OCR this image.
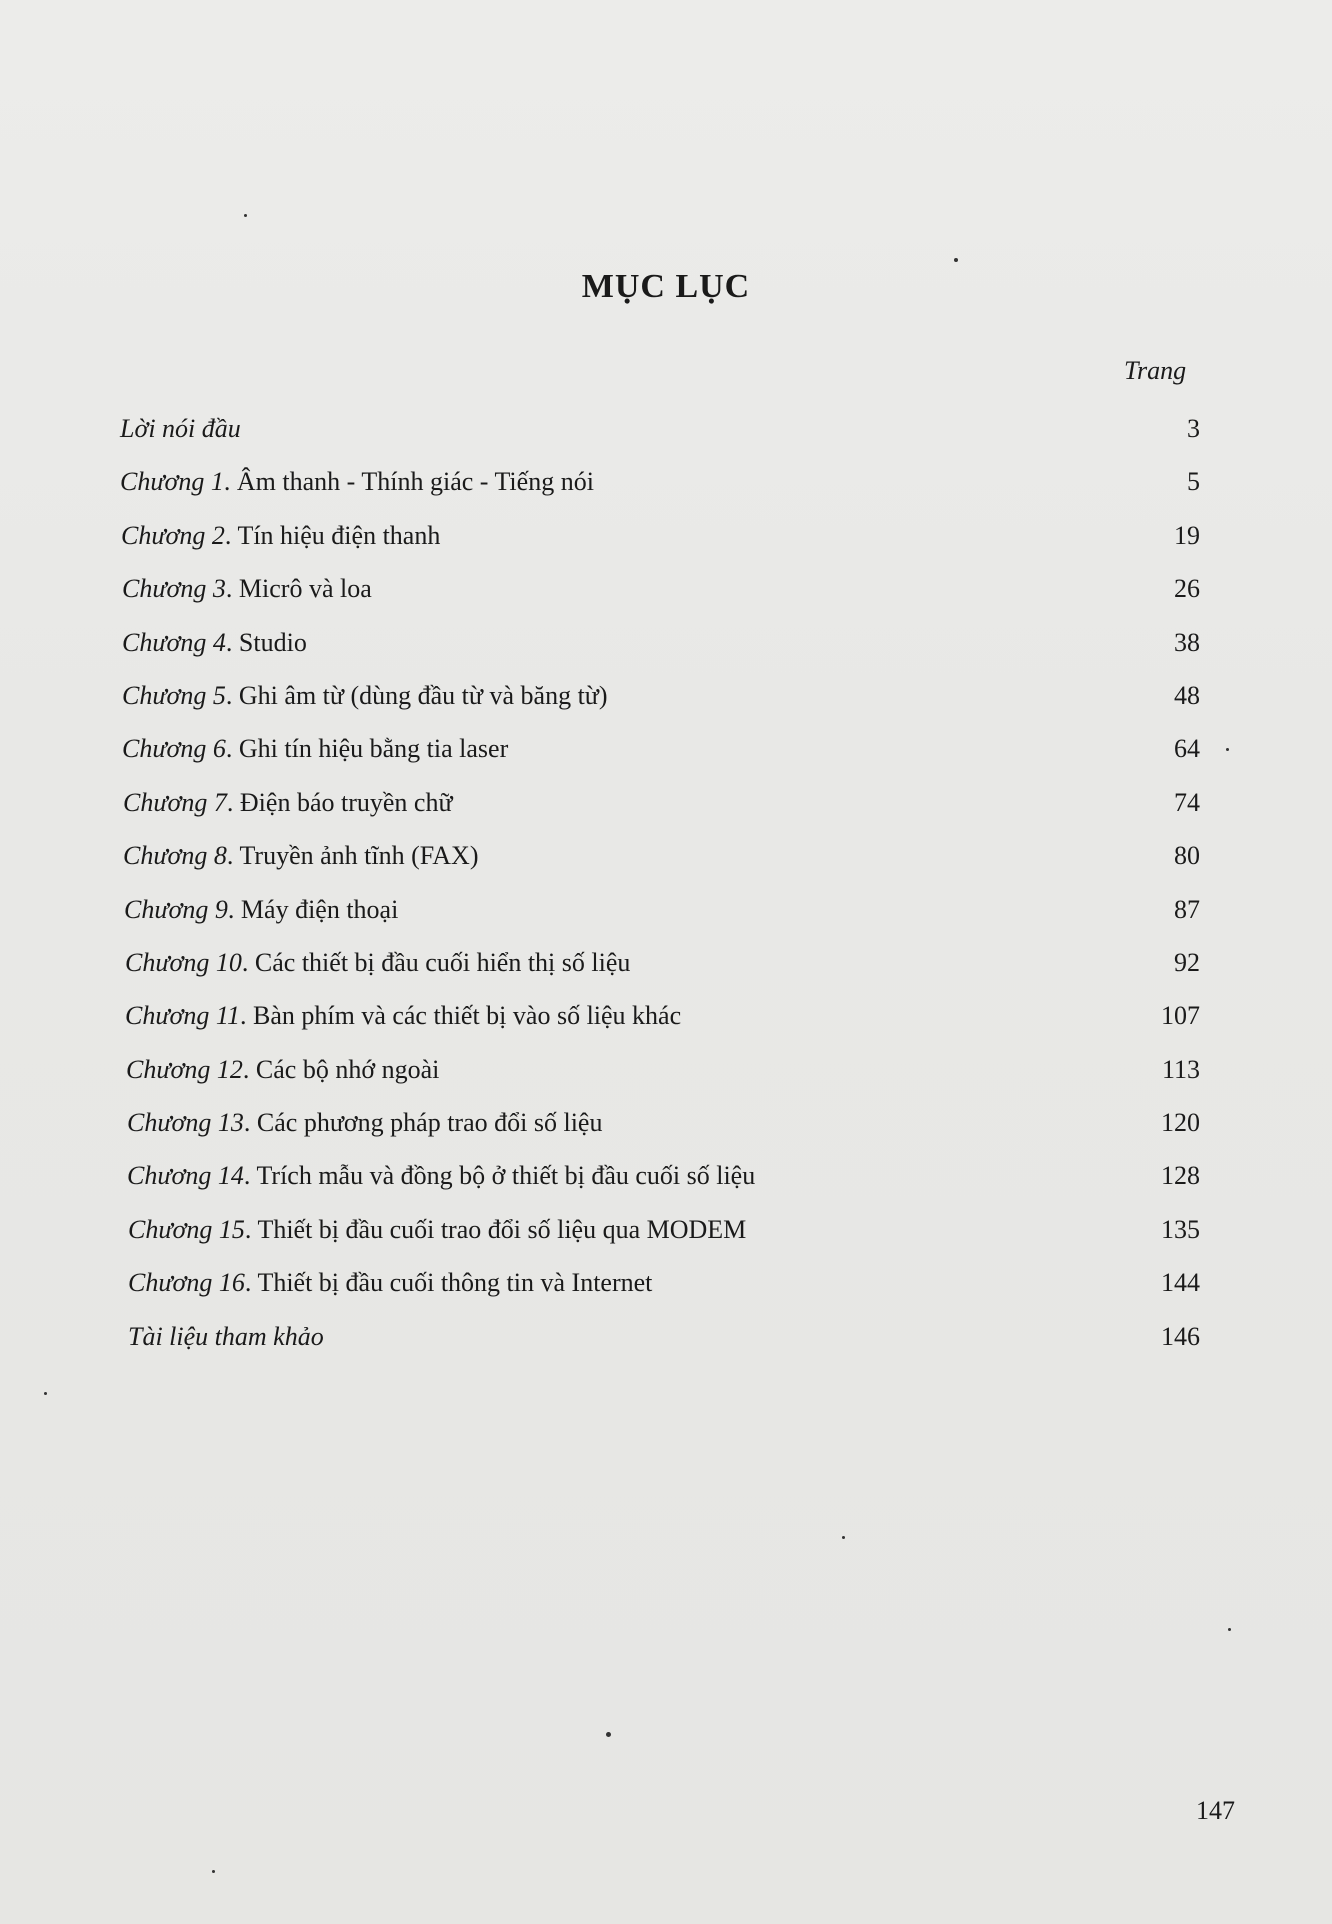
MỤC LỤC
Trang
Lời nói đầu	3
Chương 1. Âm thanh - Thính giác - Tiếng nói	5
Chương 2. Tín hiệu điện thanh	19
Chương 3. Micrô và loa	26
Chương 4. Studio	38
Chương 5. Ghi âm từ (dùng đầu từ và băng từ)	48
Chương 6. Ghi tín hiệu bằng tia laser	64
Chương 7. Điện báo truyền chữ	74
Chương 8. Truyền ảnh tĩnh (FAX)	80
Chương 9. Máy điện thoại	87
Chương 10. Các thiết bị đầu cuối hiển thị số liệu	92
Chương 11. Bàn phím và các thiết bị vào số liệu khác	107
Chương 12. Các bộ nhớ ngoài	113
Chương 13. Các phương pháp trao đổi số liệu	120
Chương 14. Trích mẫu và đồng bộ ở thiết bị đầu cuối số liệu	128
Chương 15. Thiết bị đầu cuối trao đổi số liệu qua MODEM	135
Chương 16. Thiết bị đầu cuối thông tin và Internet	144
Tài liệu tham khảo	146
147
